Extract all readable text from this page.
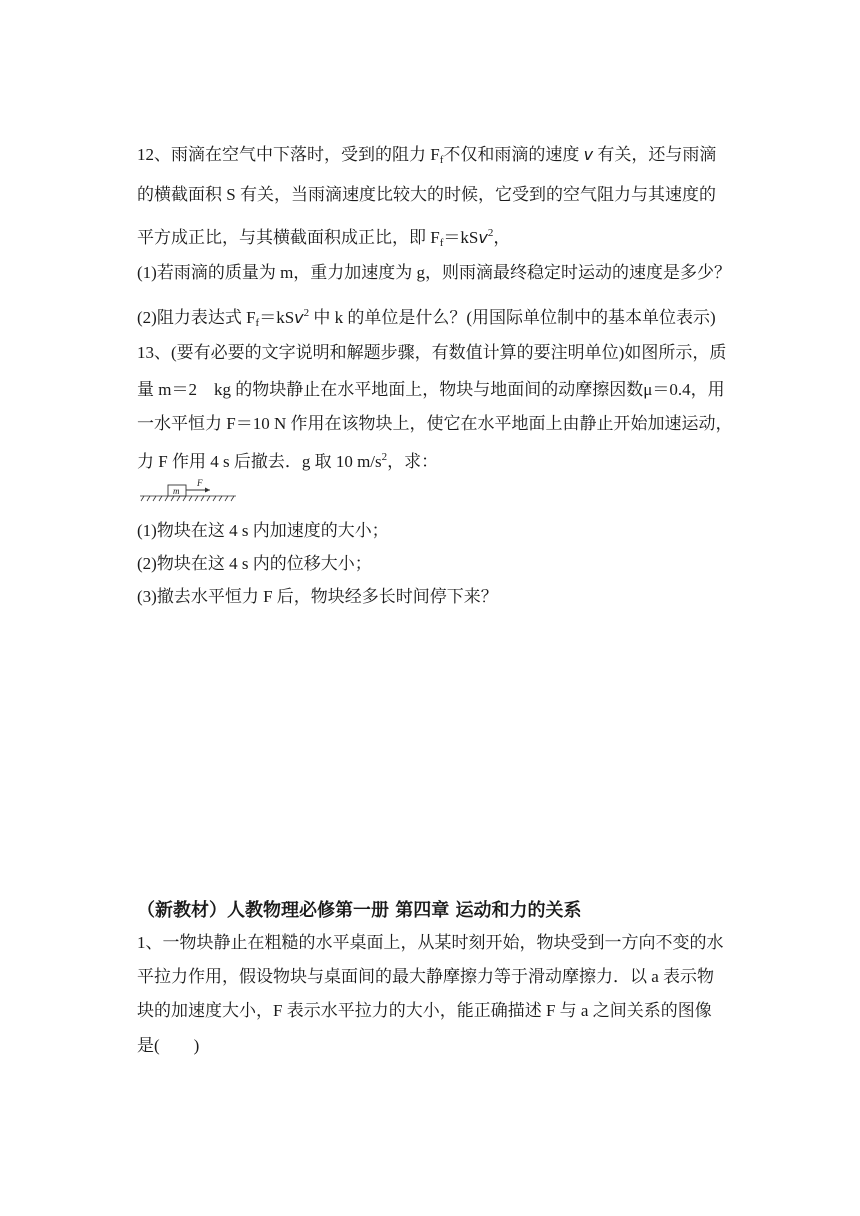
12、雨滴在空气中下落时，受到的阻力 $F_f$不仅和雨滴的速度 v 有关，还与雨滴
的横截面积 S 有关，当雨滴速度比较大的时候，它受到的空气阻力与其速度的
平方成正比，与其横截面积成正比，即 $F_f=kSv^2$，
(1)若雨滴的质量为 m，重力加速度为 g，则雨滴最终稳定时运动的速度是多少？
(2)阻力表达式 $F_f=kSv^2$ 中 k 的单位是什么？(用国际单位制中的基本单位表示)
13、(要有必要的文字说明和解题步骤，有数值计算的要注明单位)如图所示，质
量 m＝2　kg 的物块静止在水平地面上，物块与地面间的动摩擦因数μ＝0.4，用
一水平恒力 F＝10 N 作用在该物块上，使它在水平地面上由静止开始加速运动，
力 F 作用 4 s 后撤去．g 取 10 $m/s^2$，求：
m
F
(1)物块在这 4 s 内加速度的大小；
(2)物块在这 4 s 内的位移大小；
(3)撤去水平恒力 F 后，物块经多长时间停下来？
（新教材）人教物理必修第一册 第四章 运动和力的关系
1、一物块静止在粗糙的水平桌面上，从某时刻开始，物块受到一方向不变的水
平拉力作用，假设物块与桌面间的最大静摩擦力等于滑动摩擦力．以 a 表示物
块的加速度大小，F 表示水平拉力的大小，能正确描述 F 与 a 之间关系的图像
是(　　)
